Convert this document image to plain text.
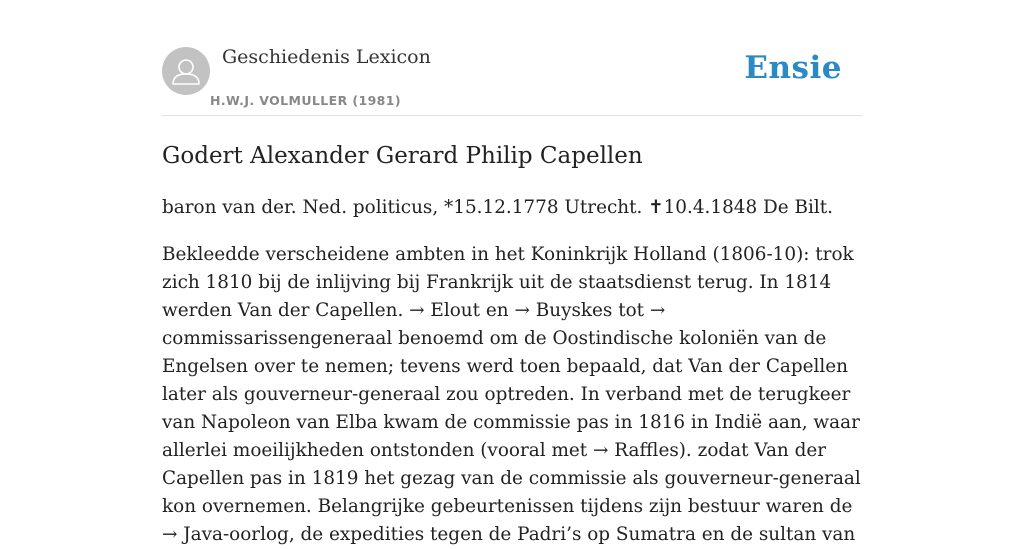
Geschiedenis Lexicon
H.W.J. VOLMULLER (1981)
Ensie
Godert Alexander Gerard Philip Capellen

baron van der. Ned. politicus, *15.12.1778 Utrecht. ✝10.4.1848 De Bilt.

Bekleedde verscheidene ambten in het Koninkrijk Holland (1806-10): trok zich 1810 bij de inlijving bij Frankrijk uit de staatsdienst terug. In 1814 werden Van der Capellen. → Elout en → Buyskes tot → commissarissengeneraal benoemd om de Oostindische koloniën van de Engelsen over te nemen; tevens werd toen bepaald, dat Van der Capellen later als gouverneur-generaal zou optreden. In verband met de terugkeer van Napoleon van Elba kwam de commissie pas in 1816 in Indië aan, waar allerlei moeilijkheden ontstonden (vooral met → Raffles). zodat Van der Capellen pas in 1819 het gezag van de commissie als gouverneur-generaal kon overnemen. Belangrijke gebeurtenissen tijdens zijn bestuur waren de → Java-oorlog, de expedities tegen de Padri’s op Sumatra en de sultan van
